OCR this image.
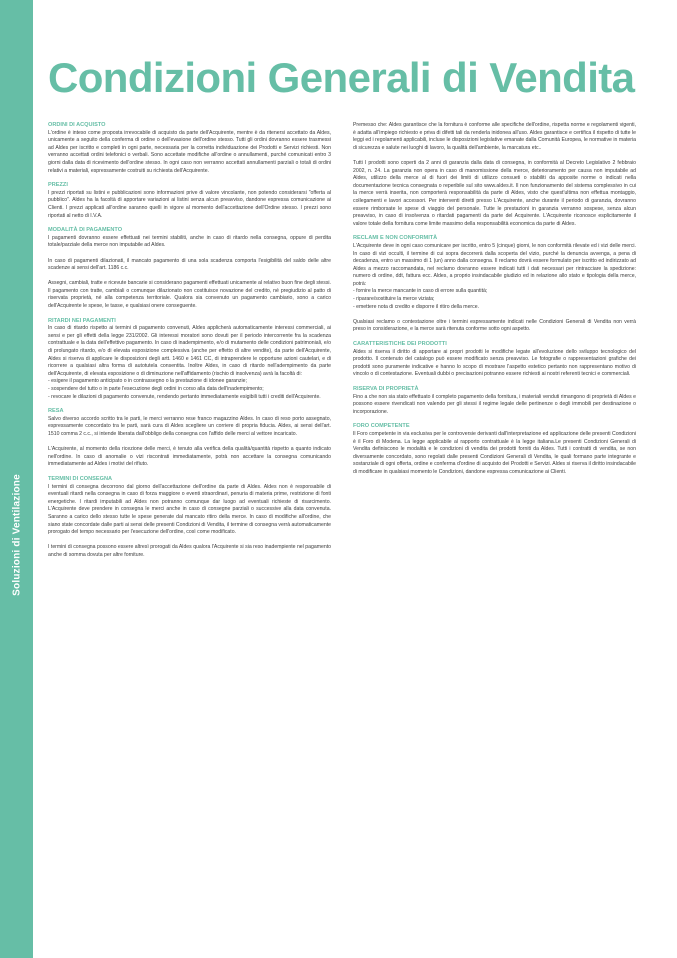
Soluzioni di Ventilazione
Condizioni Generali di Vendita
ORDINI DI ACQUISTO

L'ordine è inteso come proposta irrevocabile di acquisto da parte dell'Acquirente, mentre è da ritenersi accettato da Aldes, unicamente a seguito della conferma di ordine o dell'evasione dell'ordine stesso. Tutti gli ordini dovranno essere trasmessi ad Aldes per iscritto e completi in ogni parte, necessaria per la corretta individuazione dei Prodotti e Servizi richiesti. Non verranno accettati ordini telefonici o verbali. Sono accettate modifiche all'ordine o annullamenti, purché comunicati entro 3 giorni dalla data di ricevimento dell'ordine stesso. In ogni caso non verranno accettati annullamenti parziali o totali di ordini relativi a materiali, espressamente costruiti su richiesta dell'Acquirente.

PREZZI

I prezzi riportati su listini e pubblicazioni sono informazioni prive di valore vincolante, non potendo considerarsi "offerta al pubblico". Aldes ha la facoltà di apportare variazioni ai listini senza alcun preavviso, dandone espressa comunicazione ai Clienti. I prezzi applicati all'ordine saranno quelli in vigore al momento dell'accettazione dell'Ordine stesso. I prezzi sono riportati al netto di I.V.A.

MODALITÀ DI PAGAMENTO

I pagamenti dovranno essere effettuati nei termini stabiliti, anche in caso di ritardo nella consegna, oppure di perdita totale/parziale della merce non imputabile ad Aldes.

In caso di pagamenti dilazionati, il mancato pagamento di una sola scadenza comporta l'esigibilità del saldo delle altre scadenze ai sensi dell'art. 1186 c.c.

Assegni, cambiali, tratte e ricevute bancarie si considerano pagamenti effettuati unicamente al relativo buon fine degli stessi. Il pagamento con tratte, cambiali o comunque dilazionato non costituisce novazione del credito, né pregiudizio al patto di riservata proprietà, né alla competenza territoriale. Qualora sia convenuto un pagamento cambiario, sono a carico dell'Acquirente le spese, le tasse, e qualsiasi onere conseguente.

RITARDI NEI PAGAMENTI

In caso di ritardo rispetto ai termini di pagamento convenuti, Aldes applicherà automaticamente interessi commerciali, ai sensi e per gli effetti della legge 231/2002. Gli interessi moratori sono dovuti per il periodo intercorrente fra la scadenza contrattuale e la data dell'effettivo pagamento. In caso di inadempimento, e/o di mutamento delle condizioni patrimoniali, e/o di prolungato ritardo, e/o di elevata esposizione complessiva (anche per effetto di altre vendite), da parte dell'Acquirente, Aldes si riserva di applicare le disposizioni degli artt. 1460 e 1461 CC, di intraprendere le opportune azioni cautelari, e di ricorrere a qualsiasi altra forma di autotutela consentita. Inoltre Aldes, in caso di ritardo nell'adempimento da parte dell'Acquirente, di elevata esposizione o di diminuzione nell'affidamento (rischio di insolvenza) avrà la facoltà di:

- esigere il pagamento anticipato o in contrassegno o la prestazione di idonee garanzie;

- sospendere del tutto o in parte l'esecuzione degli ordini in corso alla data dell'inadempimento;

- revocare le dilazioni di pagamento convenute, rendendo pertanto immediatamente esigibili tutti i crediti dell'Acquirente.

RESA

Salvo diverso accordo scritto tra le parti, le merci verranno rese franco magazzino Aldes. In caso di reso porto assegnato, espressamente concordato tra le parti, sarà cura di Aldes scegliere un corriere di propria fiducia. Aldes, ai sensi dell'art. 1510 comma 2 c.c., si intende liberata dall'obbligo della consegna con l'affido delle merci al vettore incaricato.

L'Acquirente, al momento della ricezione delle merci, è tenuto alla verifica della qualità/quantità rispetto a quanto indicato nell'ordine. In caso di anomalie o vizi riscontrati immediatamente, potrà non accettare la consegna comunicando immediatamente ad Aldes i motivi del rifiuto.

TERMINI DI CONSEGNA

I termini di consegna decorrono dal giorno dell'accettazione dell'ordine da parte di Aldes. Aldes non è responsabile di eventuali ritardi nella consegna in caso di forza maggiore o eventi straordinari, penuria di materia prime, restrizione di fonti energetiche. I ritardi imputabili ad Aldes non potranno comunque dar luogo ad eventuali richieste di risarcimento. L'Acquirente deve prendere in consegna le merci anche in caso di consegne parziali o successive alla data convenuta. Saranno a carico dello stesso tutte le spese generate dal mancato ritiro della merce. In caso di modifiche all'ordine, che siano state concordate dalle parti ai sensi delle presenti Condizioni di Vendita, il termine di consegna verrà automaticamente prorogato del tempo necessario per l'esecuzione dell'ordine, così come modificato.

I termini di consegna possono essere altresì prorogati da Aldes qualora l'Acquirente si sia reso inadempiente nel pagamento anche di somma dovuta per altre forniture.

Premesso che: Aldes garantisce che la fornitura è conforme alle specifiche dell'ordine, rispetta norme e regolamenti vigenti, è adatta all'impiego richiesto e priva di difetti tali da renderla inidonea all'uso. Aldes garantisce e certifica il rispetto di tutte le leggi ed i regolamenti applicabili, incluse le disposizioni legislative emanate dalla Comunità Europea, le normative in materia di sicurezza e salute nei luoghi di lavoro, la qualità dell'ambiente, la marcatura etc..

Tutti I prodotti sono coperti da 2 anni di garanzia dalla data di consegna, in conformità al Decreto Legislativo 2 febbraio 2002, n. 24. La garanzia non opera in caso di manomissione della merce, deterioramento per causa non imputabile ad Aldes, utilizzo della merce al di fuori dei limiti di utilizzo consueti o stabiliti da apposite norme o indicati nella documentazione tecnica consegnata o reperibile sul sito www.aldes.it. Il non funzionamento del sistema complessivo in cui la merce verrà inserita, non comporterà responsabilità da parte di Aldes, visto che quest'ultima non effettua montaggio, collegamenti e lavori accessori. Per interventi diretti presso L'Acquirente, anche durante il periodo di garanzia, dovranno essere rimborsate le spese di viaggio del personale. Tutte le prestazioni in garanzia verranno sospese, senza alcun preavviso, in caso di insolvenza o ritardati pagamenti da parte del Acquirente. L'Acquirente riconosce esplicitamente il valore totale della fornitura come limite massimo della responsabilità economica da parte di Aldes.

RECLAMI E NON CONFORMITÀ

L'Acquirente deve in ogni caso comunicare per iscritto, entro 5 (cinque) giorni, le non conformità rilevate ed i vizi delle merci. In caso di vizi occulti, il termine di cui sopra decorrerà dalla scoperta del vizio, purché la denuncia avvenga, a pena di decadenza, entro un massimo di 1 (un) anno dalla consegna. Il reclamo dovrà essere formulato per iscritto ed indirizzato ad Aldes a mezzo raccomandata, nel reclamo dovranno essere indicati tutti i dati necessari per rintracciare la spedizione: numero di ordine, ddt, fattura ecc. Aldes, a proprio insindacabile giudizio ed in relazione allo stato e tipologia della merce, potrà:

- fornire la merce mancante in caso di errore sulla quantità;

- riparare/sostituire la merce viziata;

- emettere nota di credito e disporre il ritiro della merce.

Qualsiasi reclamo o contestazione oltre i termini espressamente indicati nelle Condizioni Generali di Vendita non verrà preso in considerazione, e la merce sarà ritenuta conforme sotto ogni aspetto.

CARATTERISTICHE DEI PRODOTTI

Aldes si riserva il diritto di apportare ai propri prodotti le modifiche legate all'evoluzione dello sviluppo tecnologico del prodotto. Il contenuto del catalogo può essere modificato senza preavviso. Le fotografie o rappresentazioni grafiche dei prodotti sono puramente indicative e hanno lo scopo di mostrare l'aspetto estetico pertanto non rappresentano motivo di vincolo o di contestazione. Eventuali dubbi o precisazioni potranno essere richiesti ai nostri referenti tecnici e commerciali.

RISERVA DI PROPRIETÀ

Fino a che non sia stato effettuato il completo pagamento della fornitura, i materiali venduti rimangono di proprietà di Aldes e possono essere rivendicati non valendo per gli stessi il regime legale delle pertinenze o degli immobili per destinazione o incorporazione.

FORO COMPETENTE

Il Foro competente in via esclusiva per le controversie derivanti dall'interpretazione ed applicazione delle presenti Condizioni è il Foro di Modena. La legge applicabile al rapporto contrattuale è la legge italiana.Le presenti Condizioni Generali di Vendita definiscono le modalità e le condizioni di vendita dei prodotti forniti da Aldes. Tutti i contratti di vendita, se non diversamente concordato, sono regolati dalle presenti Condizioni Generali di Vendita, le quali formano parte integrante e sostanziale di ogni offerta, ordine e conferma d'ordine di acquisto dei Prodotti e Servizi. Aldes si riserva il diritto insindacabile di modificare in qualsiasi momento le Condizioni, dandone espressa comunicazione ai Clienti.
